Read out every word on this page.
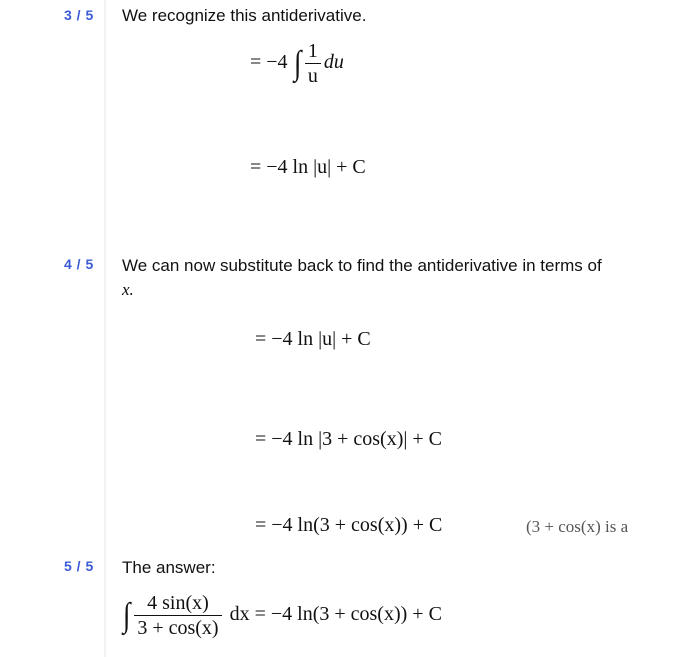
3 / 5 We recognize this antiderivative.
= −4 ∫ $\frac{1}{u}$ du
= −4 ln |u| + C
4 / 5 We can now substitute back to find the antiderivative in terms of
x.
= −4 ln |u| + C
= −4 ln |3 + cos(x)| + C
= −4 ln(3 + cos(x)) + C	(3 + cos(x) is a
5 / 5 The answer:
∫ $\frac{4 \sin(x)}{3 + \cos(x)}$ dx = −4 ln(3 + cos(x)) + C
